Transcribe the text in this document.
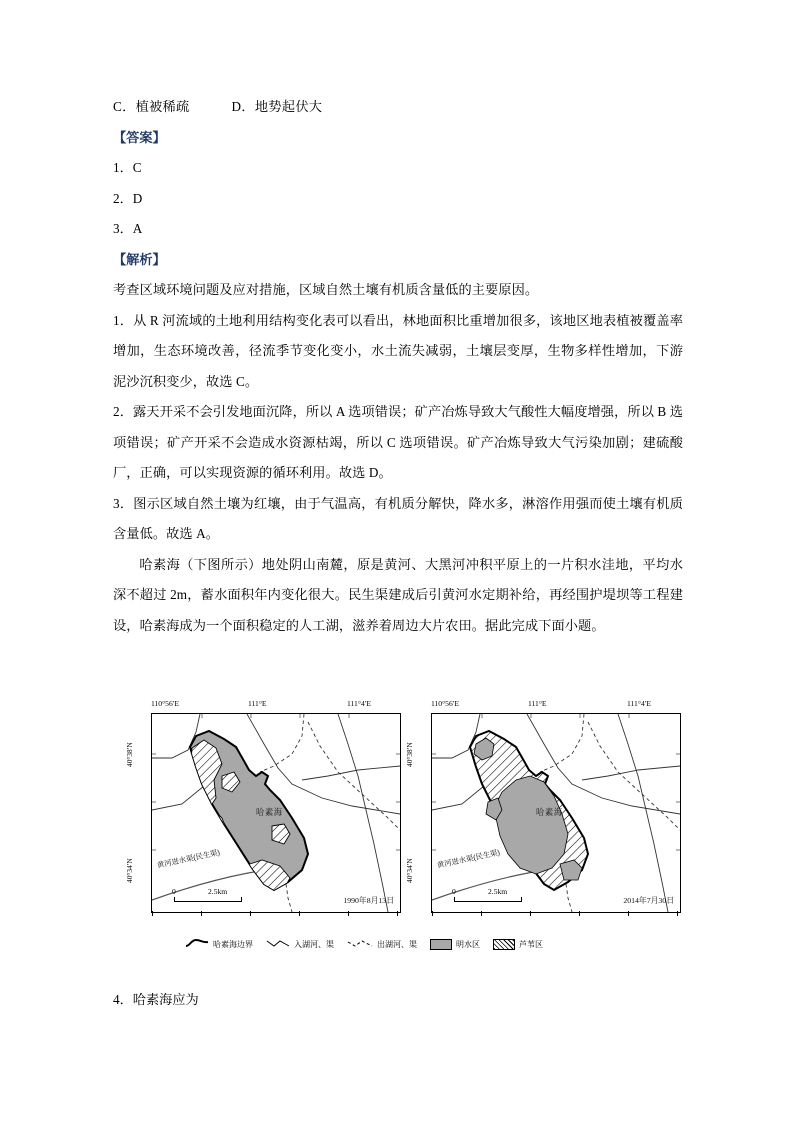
C．植被稀疏	D．地势起伏大
【答案】
1．C
2．D
3．A
【解析】
考查区域环境问题及应对措施，区域自然土壤有机质含量低的主要原因。
1．从 R 河流域的土地利用结构变化表可以看出，林地面积比重增加很多，该地区地表植被覆盖率增加，生态环境改善，径流季节变化变小，水土流失减弱，土壤层变厚，生物多样性增加，下游泥沙沉积变少，故选 C。
2．露天开采不会引发地面沉降，所以 A 选项错误；矿产冶炼导致大气酸性大幅度增强，所以 B 选项错误；矿产开采不会造成水资源枯竭，所以 C 选项错误。矿产冶炼导致大气污染加剧；建硫酸厂，正确，可以实现资源的循环利用。故选 D。
3．图示区域自然土壤为红壤，由于气温高，有机质分解快，降水多，淋溶作用强而使土壤有机质含量低。故选 A。
哈素海（下图所示）地处阴山南麓，原是黄河、大黑河冲积平原上的一片积水洼地，平均水深不超过 2m，蓄水面积年内变化很大。民生渠建成后引黄河水定期补给，再经围护堤坝等工程建设，哈素海成为一个面积稳定的人工湖，滋养着周边大片农田。据此完成下面小题。
110°56′E	111°E	111°4′E
40°38′N
40°34′N
哈素海
黄河进水渠(民生渠)
0	2.5km
1990年8月13日
110°56′E	111°E	111°4′E
40°38′N
40°34′N
哈素海
黄河进水渠(民生渠)
0	2.5km
2014年7月30日
哈素海边界	入湖河、渠	出湖河、渠	明水区	芦苇区
4．哈素海应为
